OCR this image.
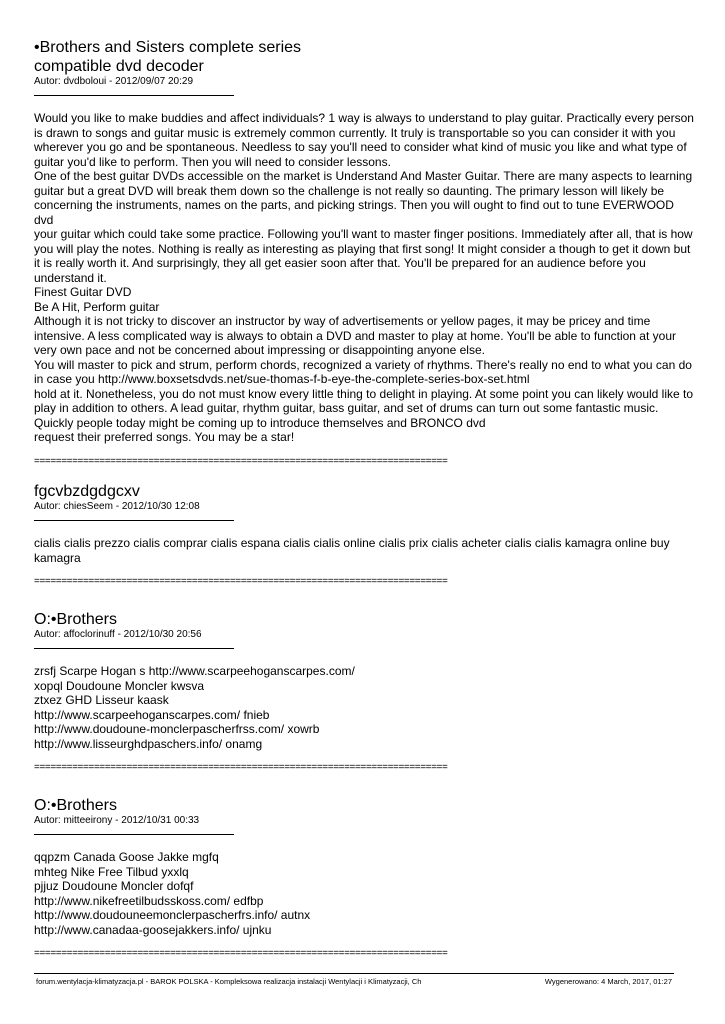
•Brothers and Sisters complete series
compatible dvd decoder
Autor: dvdboloui - 2012/09/07 20:29
Would you like to make buddies and affect individuals? 1 way is always to understand to play guitar. Practically every person is drawn to songs and guitar music is extremely common currently. It truly is transportable so you can consider it with you wherever you go and be spontaneous. Needless to say you'll need to consider what kind of music you like and what type of guitar you'd like to perform. Then you will need to consider lessons.
One of the best guitar DVDs accessible on the market is Understand And Master Guitar. There are many aspects to learning guitar but a great DVD will break them down so the challenge is not really so daunting. The primary lesson will likely be concerning the instruments, names on the parts, and picking strings. Then you will ought to find out to tune EVERWOOD dvd
your guitar which could take some practice. Following you'll want to master finger positions. Immediately after all, that is how you will play the notes. Nothing is really as interesting as playing that first song! It might consider a though to get it down but it is really worth it. And surprisingly, they all get easier soon after that. You'll be prepared for an audience before you understand it.
Finest Guitar DVD
Be A Hit, Perform guitar
Although it is not tricky to discover an instructor by way of advertisements or yellow pages, it may be pricey and time intensive. A less complicated way is always to obtain a DVD and master to play at home. You'll be able to function at your very own pace and not be concerned about impressing or disappointing anyone else.
You will master to pick and strum, perform chords, recognized a variety of rhythms. There's really no end to what you can do in case you http://www.boxsetsdvds.net/sue-thomas-f-b-eye-the-complete-series-box-set.html
hold at it. Nonetheless, you do not must know every little thing to delight in playing. At some point you can likely would like to play in addition to others. A lead guitar, rhythm guitar, bass guitar, and set of drums can turn out some fantastic music. Quickly people today might be coming up to introduce themselves and BRONCO dvd
request their preferred songs. You may be a star!
============================================================================
fgcvbzdgdgcxv
Autor: chiesSeem - 2012/10/30 12:08
cialis cialis prezzo cialis comprar cialis espana cialis cialis online cialis prix cialis acheter cialis cialis kamagra online buy kamagra
============================================================================
O:•Brothers
Autor: affoclorinuff - 2012/10/30 20:56
zrsfj Scarpe Hogan s http://www.scarpeehoganscarpes.com/
xopql Doudoune Moncler kwsva
ztxez GHD Lisseur kaask
http://www.scarpeehoganscarpes.com/ fnieb
http://www.doudoune-monclerpascherfrss.com/ xowrb
http://www.lisseurghdpaschers.info/ onamg
============================================================================
O:•Brothers
Autor: mitteeirony - 2012/10/31 00:33
qqpzm Canada Goose Jakke mgfq
mhteg Nike Free Tilbud yxxlq
pjjuz Doudoune Moncler dofqf
http://www.nikefreetilbudsskoss.com/ edfbp
http://www.doudouneemonclerpascherfrs.info/ autnx
http://www.canadaa-goosejakkers.info/ ujnku
============================================================================
forum.wentylacja-klimatyzacja.pl - BAROK POLSKA - Kompleksowa realizacja instalacji Wentylacji i Klimatyzacji, Ch	Wygenerowano: 4 March, 2017, 01:27
